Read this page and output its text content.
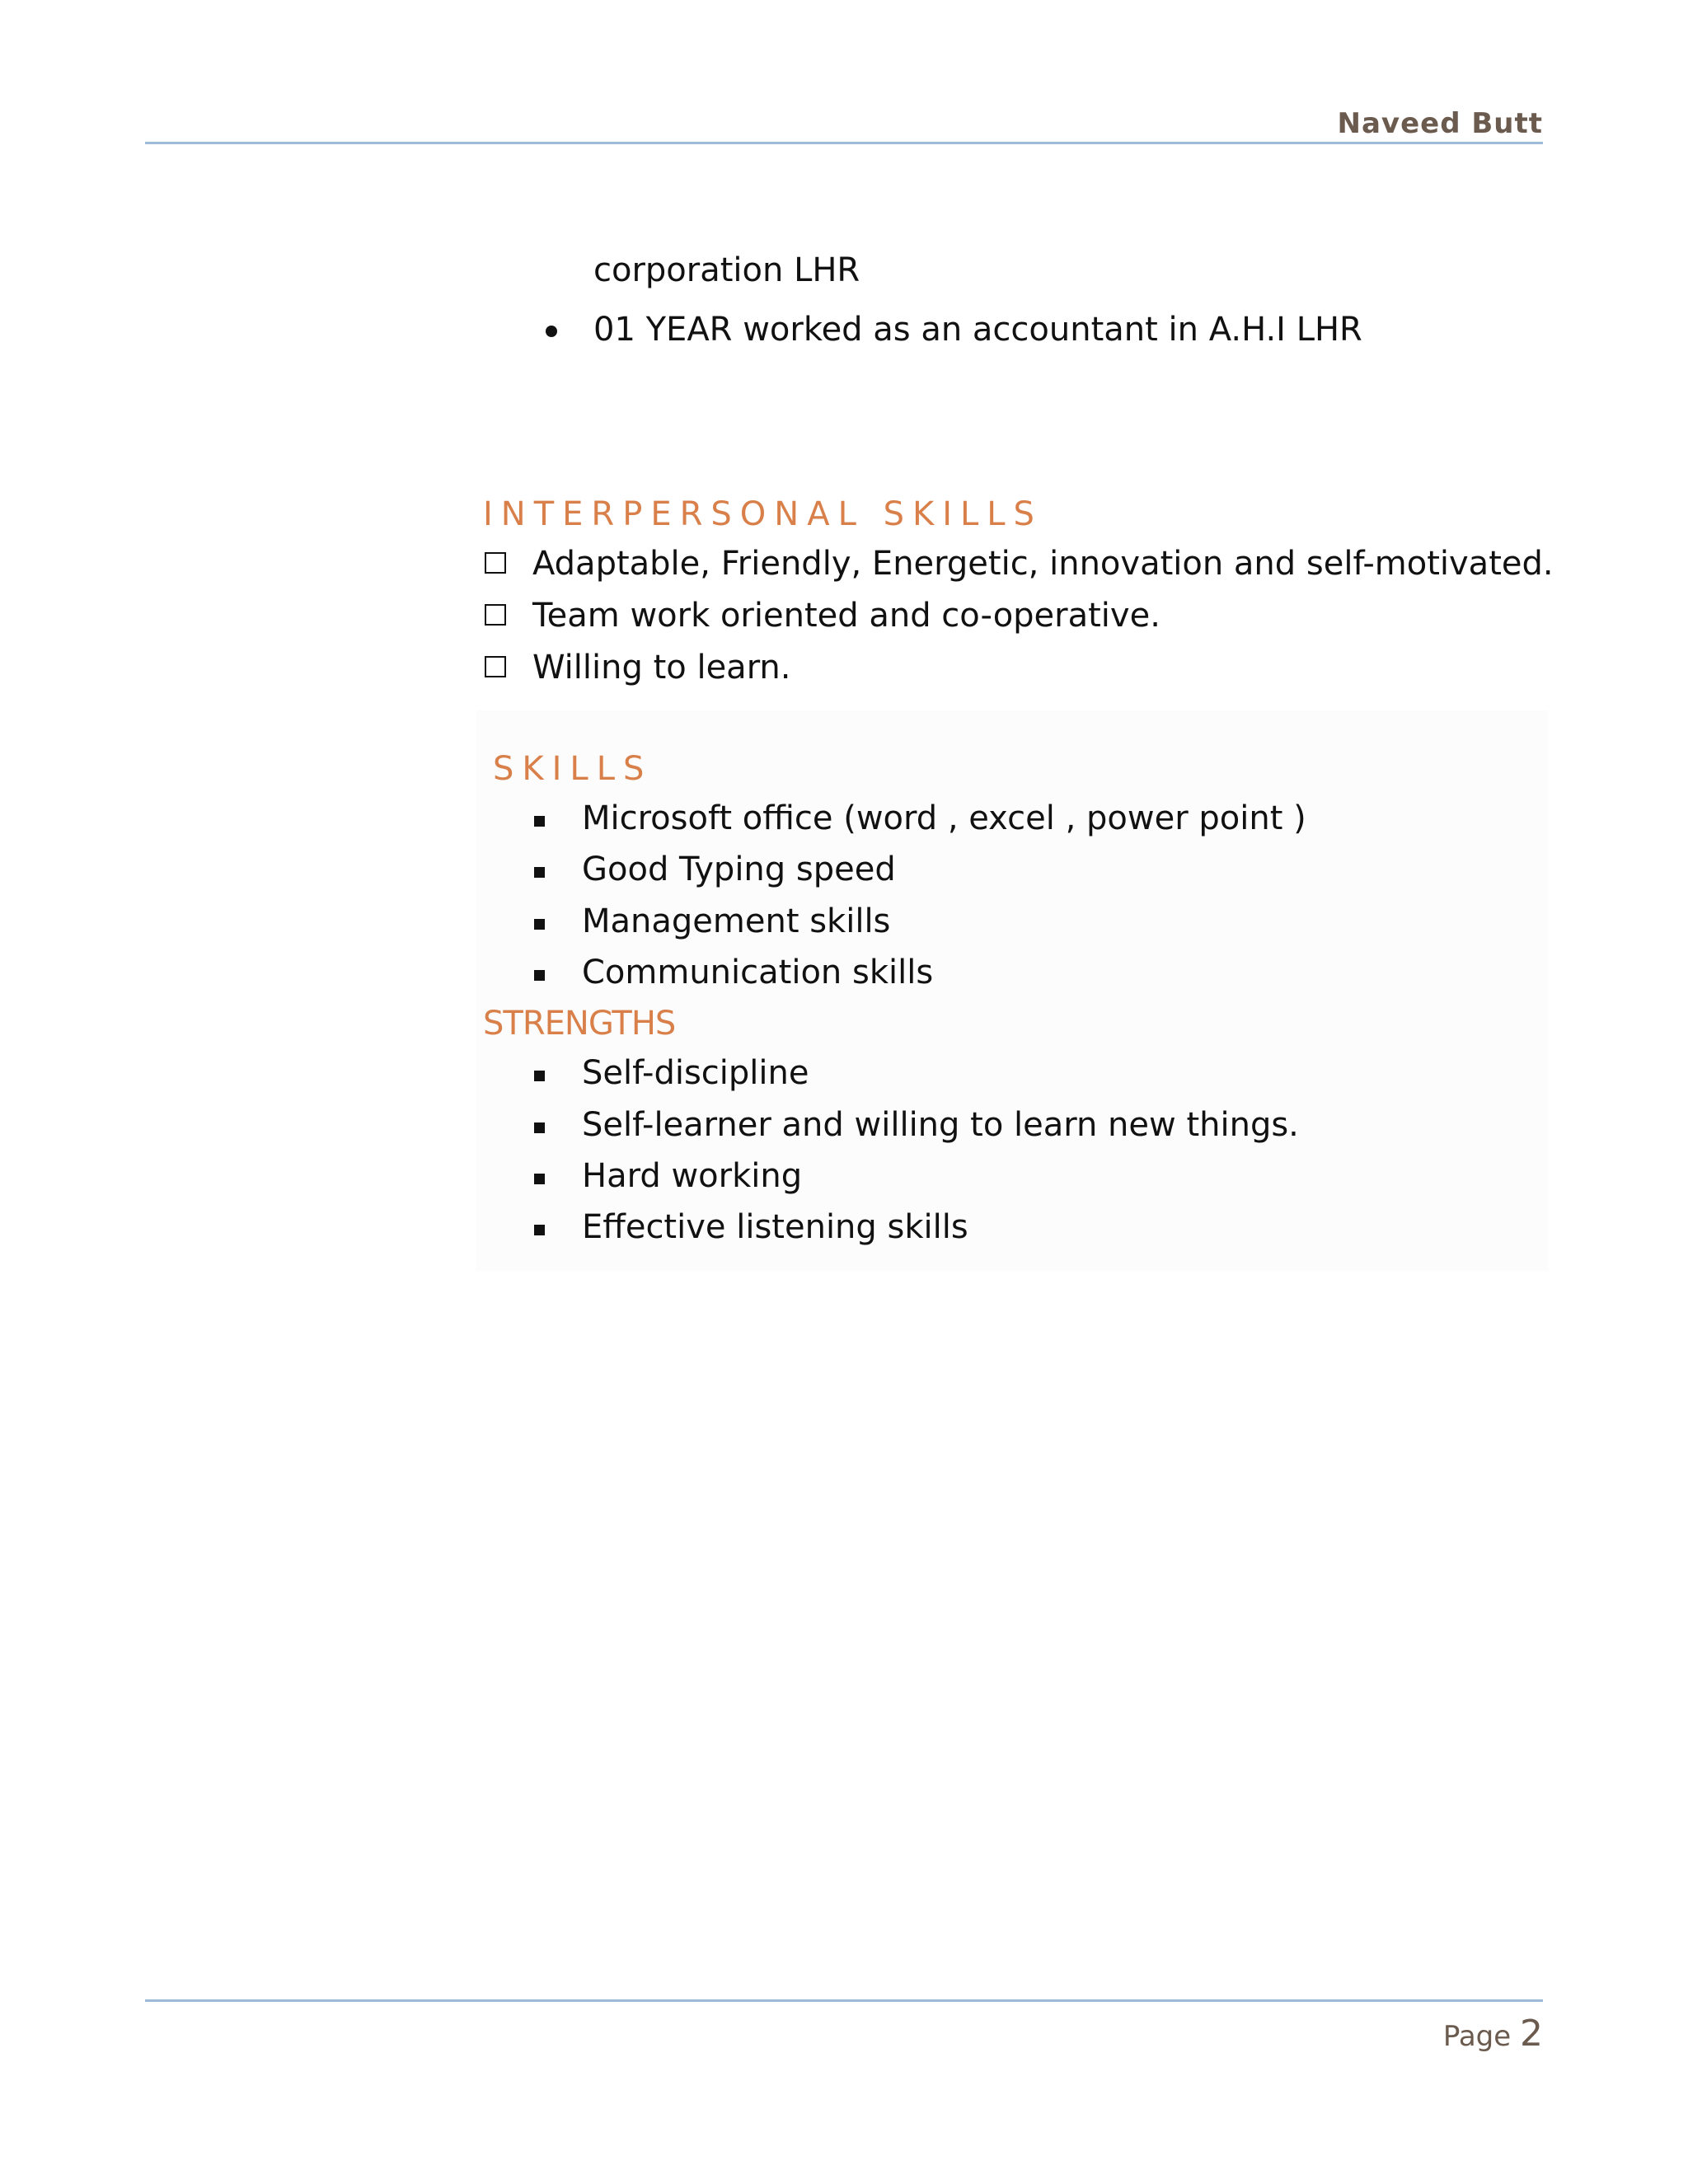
Naveed Butt
corporation LHR
01 YEAR worked as an accountant in A.H.I LHR
INTERPERSONAL SKILLS
Adaptable, Friendly, Energetic, innovation and self-motivated.
Team work oriented and co-operative.
Willing to learn.
SKILLS
Microsoft office (word , excel , power point )
Good Typing speed
Management skills
Communication skills
STRENGTHS
Self-discipline
Self-learner and willing to learn new things.
Hard working
Effective listening skills
Page 2
